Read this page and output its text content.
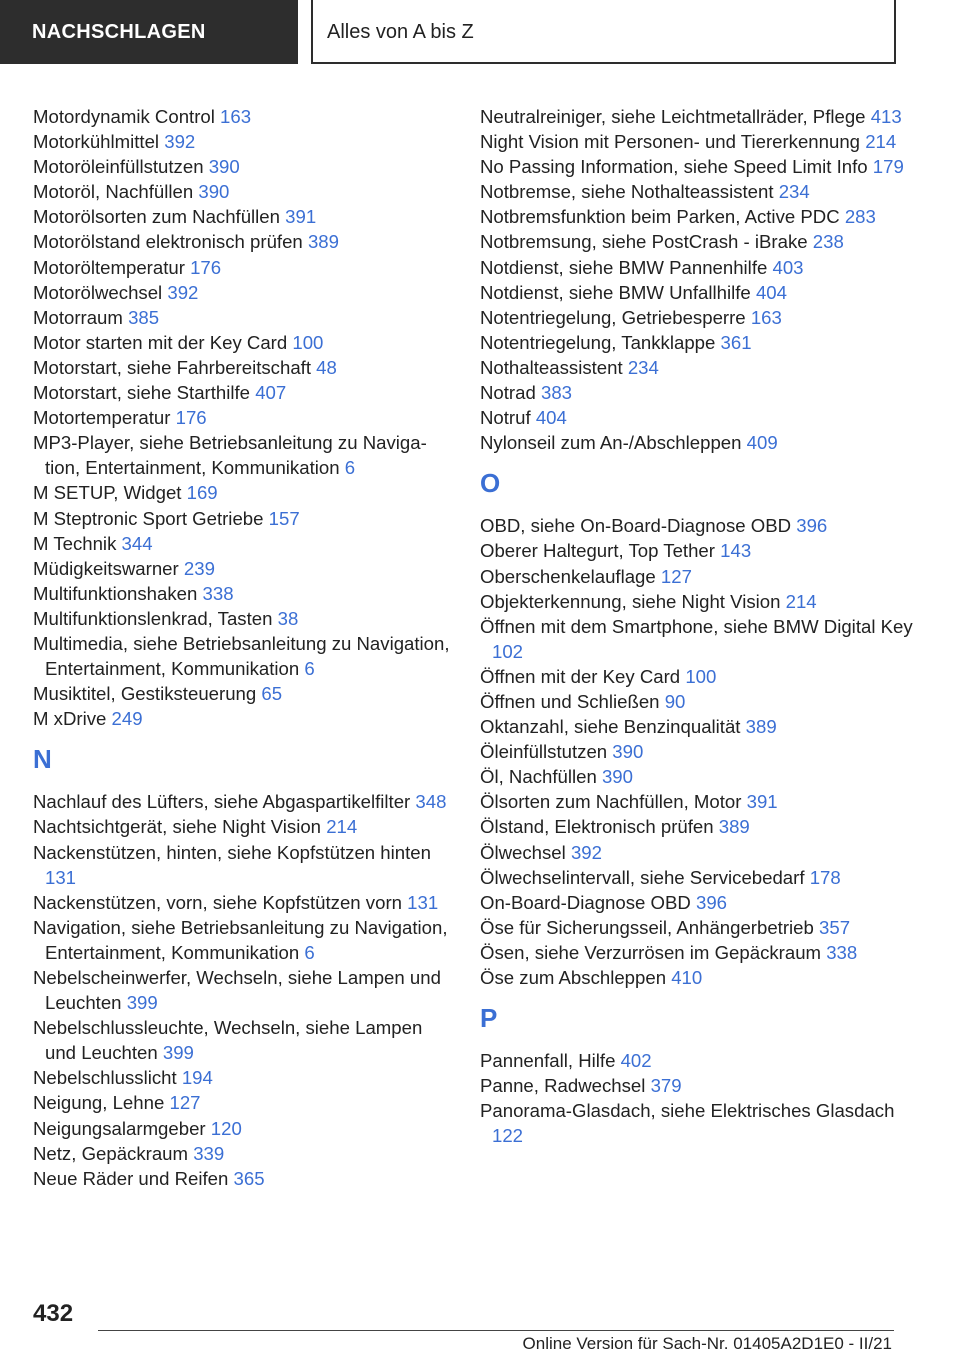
NACHSCHLAGEN	Alles von A bis Z
Motordynamik Control 163
Motorkühlmittel 392
Motoröleinfüllstutzen 390
Motoröl, Nachfüllen 390
Motorölsorten zum Nachfüllen 391
Motorölstand elektronisch prüfen 389
Motoröltemperatur 176
Motorölwechsel 392
Motorraum 385
Motor starten mit der Key Card 100
Motorstart, siehe Fahrbereitschaft 48
Motorstart, siehe Starthilfe 407
Motortemperatur 176
MP3-Player, siehe Betriebsanleitung zu Navigation, Entertainment, Kommunikation 6
M SETUP, Widget 169
M Steptronic Sport Getriebe 157
M Technik 344
Müdigkeitswarner 239
Multifunktionshaken 338
Multifunktionslenkrad, Tasten 38
Multimedia, siehe Betriebsanleitung zu Navigation, Entertainment, Kommunikation 6
Musiktitel, Gestiksteuerung 65
M xDrive 249
N
Nachlauf des Lüfters, siehe Abgaspartikelfilter 348
Nachtsichtgerät, siehe Night Vision 214
Nackenstützen, hinten, siehe Kopfstützen hinten 131
Nackenstützen, vorn, siehe Kopfstützen vorn 131
Navigation, siehe Betriebsanleitung zu Navigation, Entertainment, Kommunikation 6
Nebelscheinwerfer, Wechseln, siehe Lampen und Leuchten 399
Nebelschlussleuchte, Wechseln, siehe Lampen und Leuchten 399
Nebelschlusslicht 194
Neigung, Lehne 127
Neigungsalarmgeber 120
Netz, Gepäckraum 339
Neue Räder und Reifen 365
Neutralreiniger, siehe Leichtmetallräder, Pflege 413
Night Vision mit Personen- und Tiererkennung 214
No Passing Information, siehe Speed Limit Info 179
Notbremse, siehe Nothalteassistent 234
Notbremsfunktion beim Parken, Active PDC 283
Notbremsung, siehe PostCrash - iBrake 238
Notdienst, siehe BMW Pannenhilfe 403
Notdienst, siehe BMW Unfallhilfe 404
Notentriegelung, Getriebesperre 163
Notentriegelung, Tankklappe 361
Nothalteassistent 234
Notrad 383
Notruf 404
Nylonseil zum An-/Abschleppen 409
O
OBD, siehe On-Board-Diagnose OBD 396
Oberer Haltegurt, Top Tether 143
Oberschenkelauflage 127
Objekterkennung, siehe Night Vision 214
Öffnen mit dem Smartphone, siehe BMW Digital Key 102
Öffnen mit der Key Card 100
Öffnen und Schließen 90
Oktanzahl, siehe Benzinqualität 389
Öleinfüllstutzen 390
Öl, Nachfüllen 390
Ölsorten zum Nachfüllen, Motor 391
Ölstand, Elektronisch prüfen 389
Ölwechsel 392
Ölwechselintervall, siehe Servicebedarf 178
On-Board-Diagnose OBD 396
Öse für Sicherungsseil, Anhängerbetrieb 357
Ösen, siehe Verzurrösen im Gepäckraum 338
Öse zum Abschleppen 410
P
Pannenfall, Hilfe 402
Panne, Radwechsel 379
Panorama-Glasdach, siehe Elektrisches Glasdach 122
432
Online Version für Sach-Nr. 01405A2D1E0 - II/21
